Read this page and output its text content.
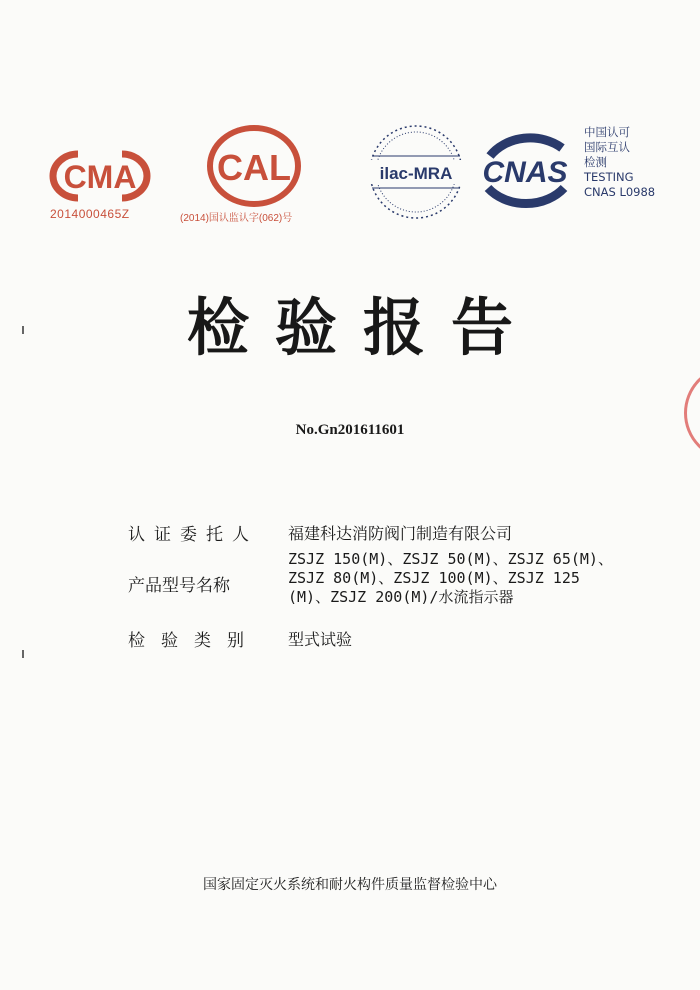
CMA
2014000465Z
CAL
(2014)国认监认字(062)号
ilac-MRA CNAS
中国认可
国际互认
检测
TESTING
CNAS L0988
检验报告
No.Gn201611601
认证委托人 福建科达消防阀门制造有限公司
产品型号名称
ZSJZ 150(M)、ZSJZ 50(M)、ZSJZ 65(M)、
ZSJZ 80(M)、ZSJZ 100(M)、ZSJZ 125
(M)、ZSJZ 200(M)/水流指示器
检验类别 型式试验
国家固定灭火系统和耐火构件质量监督检验中心
